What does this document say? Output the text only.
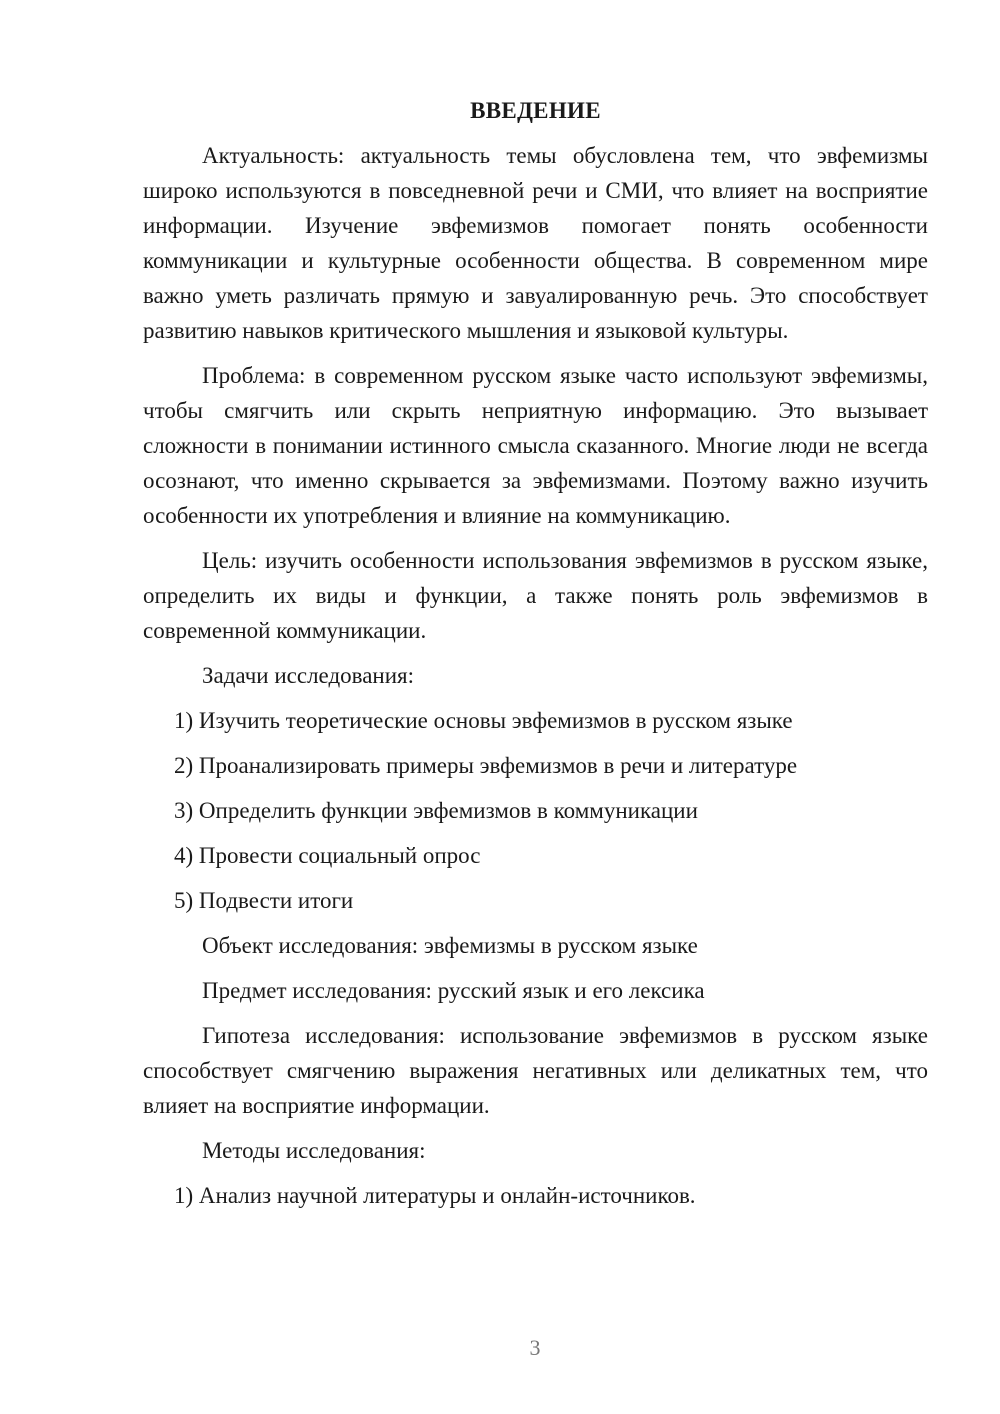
ВВЕДЕНИЕ
Актуальность: актуальность темы обусловлена тем, что эвфемизмы широко используются в повседневной речи и СМИ, что влияет на восприятие информации. Изучение эвфемизмов помогает понять особенности коммуникации и культурные особенности общества. В современном мире важно уметь различать прямую и завуалированную речь. Это способствует развитию навыков критического мышления и языковой культуры.
Проблема: в современном русском языке часто используют эвфемизмы, чтобы смягчить или скрыть неприятную информацию. Это вызывает сложности в понимании истинного смысла сказанного. Многие люди не всегда осознают, что именно скрывается за эвфемизмами. Поэтому важно изучить особенности их употребления и влияние на коммуникацию.
Цель: изучить особенности использования эвфемизмов в русском языке, определить их виды и функции, а также понять роль эвфемизмов в современной коммуникации.
Задачи исследования:
1) Изучить теоретические основы эвфемизмов в русском языке
2) Проанализировать примеры эвфемизмов в речи и литературе
3) Определить функции эвфемизмов в коммуникации
4) Провести социальный опрос
5) Подвести итоги
Объект исследования: эвфемизмы в русском языке
Предмет исследования: русский язык и его лексика
Гипотеза исследования: использование эвфемизмов в русском языке способствует смягчению выражения негативных или деликатных тем, что влияет на восприятие информации.
Методы исследования:
1) Анализ научной литературы и онлайн-источников.
3
